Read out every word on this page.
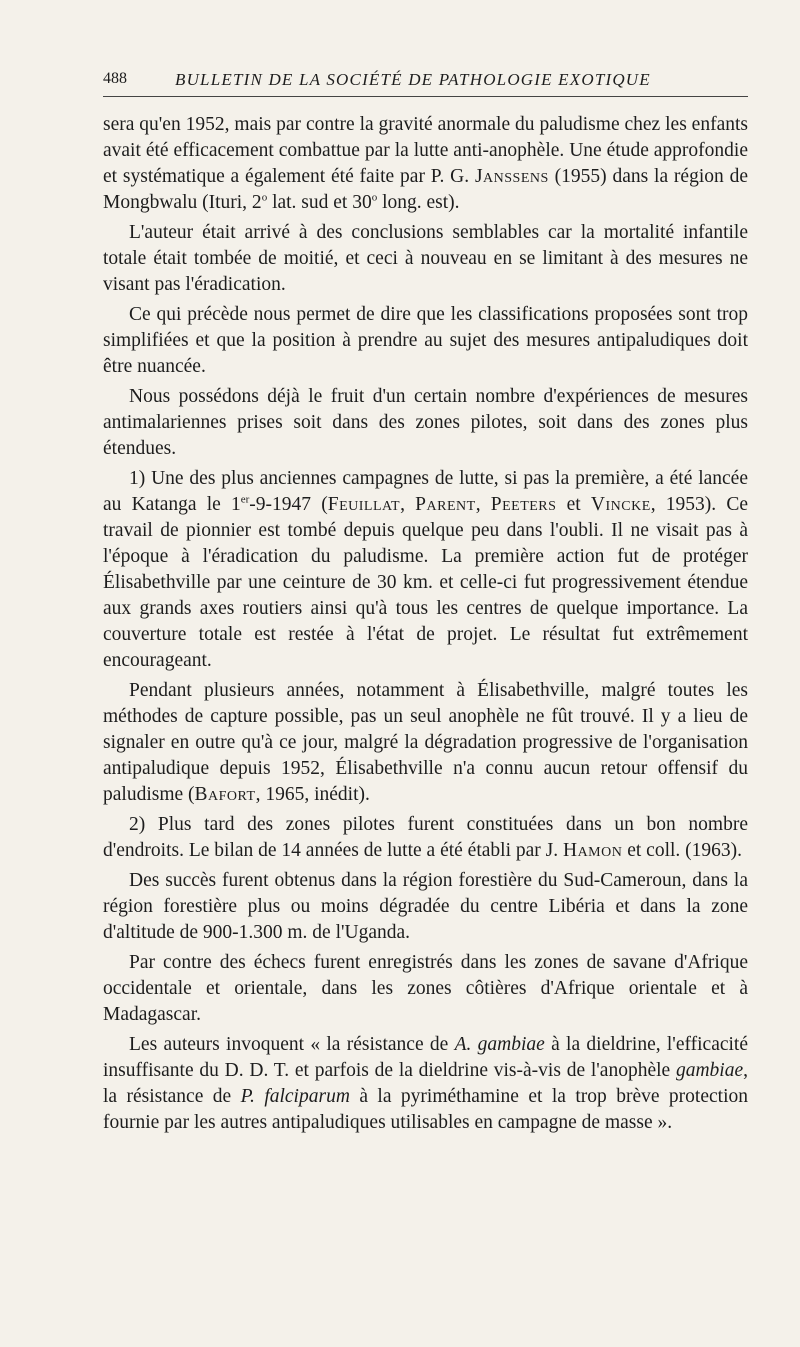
488	BULLETIN DE LA SOCIÉTÉ DE PATHOLOGIE EXOTIQUE

sera qu'en 1952, mais par contre la gravité anormale du paludisme chez les enfants avait été efficacement combattue par la lutte anti-anophèle. Une étude approfondie et systématique a également été faite par P. G. Janssens (1955) dans la région de Mongbwalu (Ituri, 2$^o$ lat. sud et 30$^o$ long. est).

L'auteur était arrivé à des conclusions semblables car la mortalité infantile totale était tombée de moitié, et ceci à nouveau en se limitant à des mesures ne visant pas l'éradication.

Ce qui précède nous permet de dire que les classifications proposées sont trop simplifiées et que la position à prendre au sujet des mesures antipaludiques doit être nuancée.

Nous possédons déjà le fruit d'un certain nombre d'expériences de mesures antimalariennes prises soit dans des zones pilotes, soit dans des zones plus étendues.

1) Une des plus anciennes campagnes de lutte, si pas la première, a été lancée au Katanga le 1er-9-1947 (Feuillat, Parent, Peeters et Vincke, 1953). Ce travail de pionnier est tombé depuis quelque peu dans l'oubli. Il ne visait pas à l'époque à l'éradication du paludisme. La première action fut de protéger Élisabethville par une ceinture de 30 km. et celle-ci fut progressivement étendue aux grands axes routiers ainsi qu'à tous les centres de quelque importance. La couverture totale est restée à l'état de projet. Le résultat fut extrêmement encourageant.

Pendant plusieurs années, notamment à Élisabethville, malgré toutes les méthodes de capture possible, pas un seul anophèle ne fût trouvé. Il y a lieu de signaler en outre qu'à ce jour, malgré la dégradation progressive de l'organisation antipaludique depuis 1952, Élisabethville n'a connu aucun retour offensif du paludisme (Bafort, 1965, inédit).

2) Plus tard des zones pilotes furent constituées dans un bon nombre d'endroits. Le bilan de 14 années de lutte a été établi par J. Hamon et coll. (1963).

Des succès furent obtenus dans la région forestière du Sud-Cameroun, dans la région forestière plus ou moins dégradée du centre Libéria et dans la zone d'altitude de 900-1.300 m. de l'Uganda.

Par contre des échecs furent enregistrés dans les zones de savane d'Afrique occidentale et orientale, dans les zones côtières d'Afrique orientale et à Madagascar.

Les auteurs invoquent « la résistance de A. gambiae à la dieldrine, l'efficacité insuffisante du D. D. T. et parfois de la dieldrine vis-à-vis de l'anophèle gambiae, la résistance de P. falciparum à la pyriméthamine et la trop brève protection fournie par les autres antipaludiques utilisables en campagne de masse ».
